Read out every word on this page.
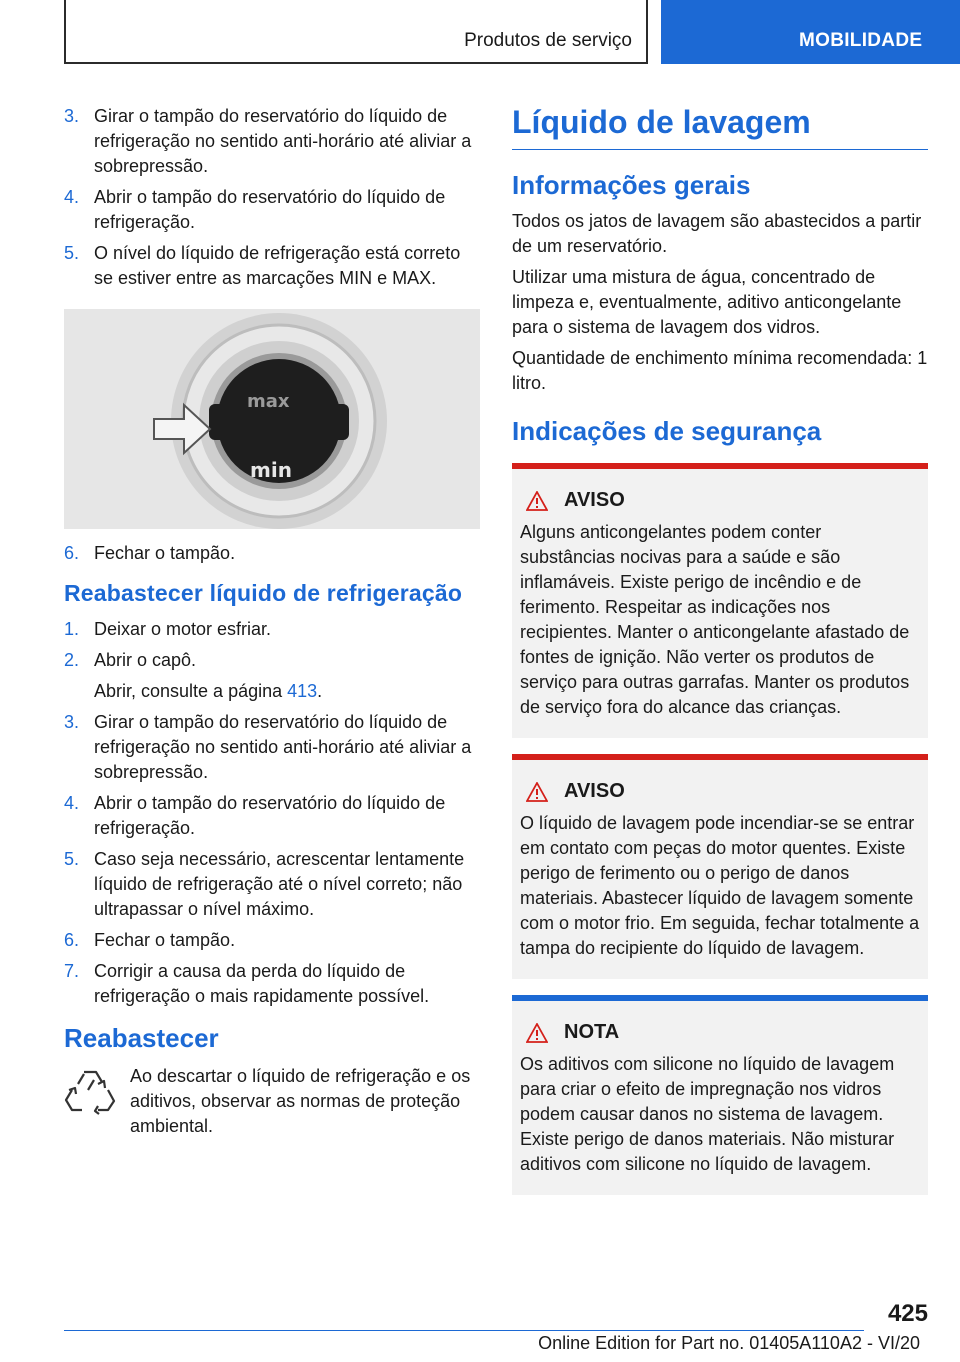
Produtos de serviço	MOBILIDADE
3. Girar o tampão do reservatório do líquido de refrigeração no sentido anti-horário até aliviar a sobrepressão.
4. Abrir o tampão do reservatório do líquido de refrigeração.
5. O nível do líquido de refrigeração está correto se estiver entre as marcações MIN e MAX.
max
min
6. Fechar o tampão.
Reabastecer líquido de refrigeração
1. Deixar o motor esfriar.
2. Abrir o capô.
Abrir, consulte a página 413.
3. Girar o tampão do reservatório do líquido de refrigeração no sentido anti-horário até aliviar a sobrepressão.
4. Abrir o tampão do reservatório do líquido de refrigeração.
5. Caso seja necessário, acrescentar lentamente líquido de refrigeração até o nível correto; não ultrapassar o nível máximo.
6. Fechar o tampão.
7. Corrigir a causa da perda do líquido de refrigeração o mais rapidamente possível.
Reabastecer
Ao descartar o líquido de refrigeração e os aditivos, observar as normas de proteção ambiental.
Líquido de lavagem
Informações gerais

Todos os jatos de lavagem são abastecidos a partir de um reservatório.

Utilizar uma mistura de água, concentrado de limpeza e, eventualmente, aditivo anticongelante para o sistema de lavagem dos vidros.

Quantidade de enchimento mínima recomendada: 1 litro.

Indicações de segurança
AVISO
Alguns anticongelantes podem conter substâncias nocivas para a saúde e são inflamáveis. Existe perigo de incêndio e de ferimento. Respeitar as indicações nos recipientes. Manter o anticongelante afastado de fontes de ignição. Não verter os produtos de serviço para outras garrafas. Manter os produtos de serviço fora do alcance das crianças.
AVISO
O líquido de lavagem pode incendiar-se se entrar em contato com peças do motor quentes. Existe perigo de ferimento ou o perigo de danos materiais. Abastecer líquido de lavagem somente com o motor frio. Em seguida, fechar totalmente a tampa do recipiente do líquido de lavagem.
NOTA
Os aditivos com silicone no líquido de lavagem para criar o efeito de impregnação nos vidros podem causar danos no sistema de lavagem. Existe perigo de danos materiais. Não misturar aditivos com silicone no líquido de lavagem.
425
Online Edition for Part no. 01405A110A2 - VI/20
